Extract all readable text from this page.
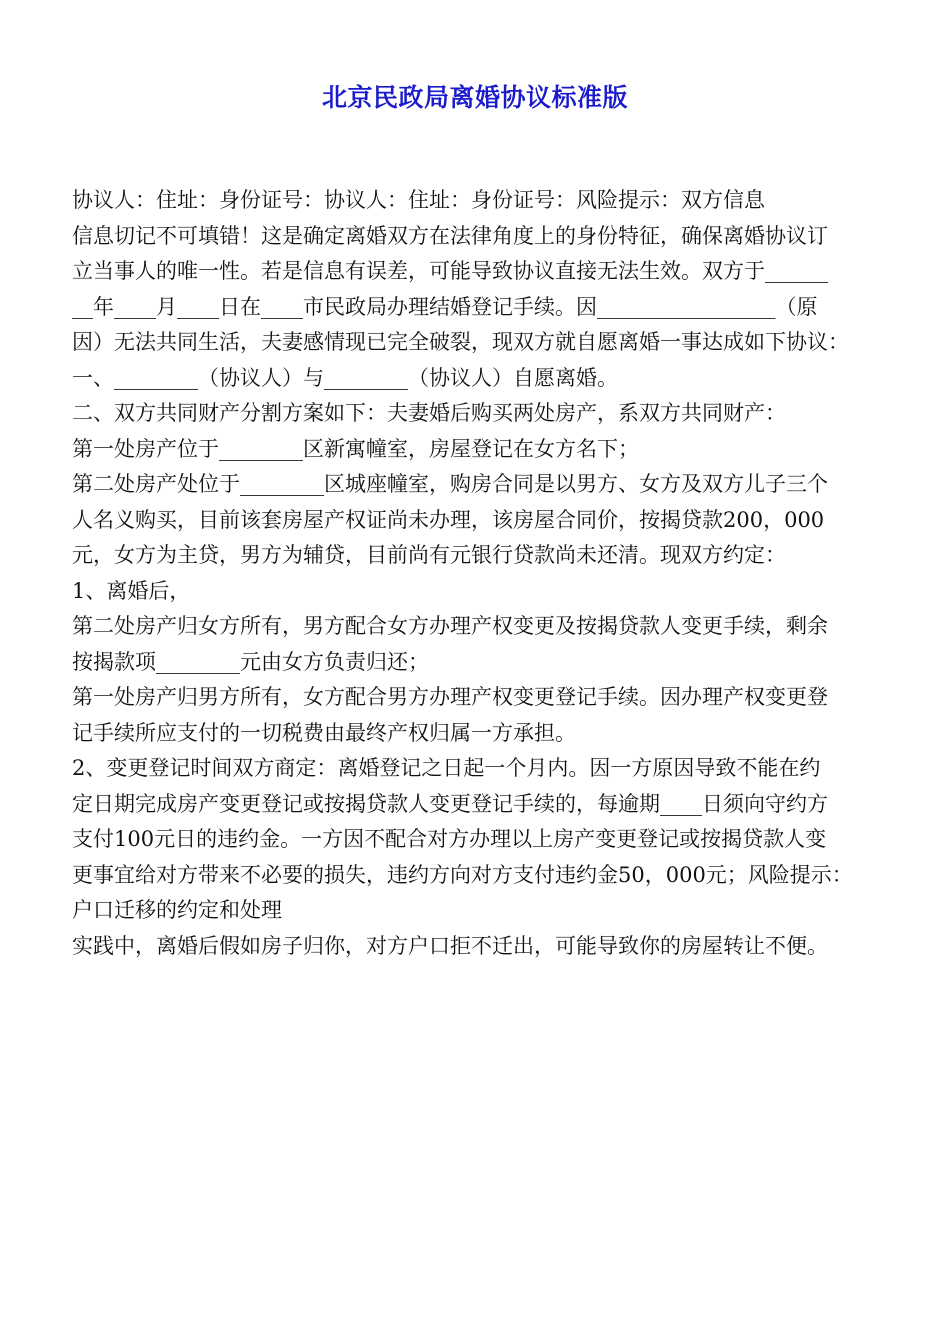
北京民政局离婚协议标准版
协议人：住址：身份证号：协议人：住址：身份证号：风险提示：双方信息
信息切记不可填错！这是确定离婚双方在法律角度上的身份特征，确保离婚协议订
立当事人的唯一性。若是信息有误差，可能导致协议直接无法生效。双方于______
__年____月____日在____市民政局办理结婚登记手续。因_________________（原
因）无法共同生活，夫妻感情现已完全破裂，现双方就自愿离婚一事达成如下协议：
一、________（协议人）与________（协议人）自愿离婚。
二、双方共同财产分割方案如下：夫妻婚后购买两处房产，系双方共同财产：
第一处房产位于________区新寓幢室，房屋登记在女方名下；
第二处房产处位于________区城座幢室，购房合同是以男方、女方及双方儿子三个
人名义购买，目前该套房屋产权证尚未办理，该房屋合同价，按揭贷款200，000
元，女方为主贷，男方为辅贷，目前尚有元银行贷款尚未还清。现双方约定：
1、离婚后，
第二处房产归女方所有，男方配合女方办理产权变更及按揭贷款人变更手续，剩余
按揭款项________元由女方负责归还；
第一处房产归男方所有，女方配合男方办理产权变更登记手续。因办理产权变更登
记手续所应支付的一切税费由最终产权归属一方承担。
2、变更登记时间双方商定：离婚登记之日起一个月内。因一方原因导致不能在约
定日期完成房产变更登记或按揭贷款人变更登记手续的，每逾期____日须向守约方
支付100元日的违约金。一方因不配合对方办理以上房产变更登记或按揭贷款人变
更事宜给对方带来不必要的损失，违约方向对方支付违约金50，000元；风险提示：
户口迁移的约定和处理
实践中，离婚后假如房子归你，对方户口拒不迁出，可能导致你的房屋转让不便。
